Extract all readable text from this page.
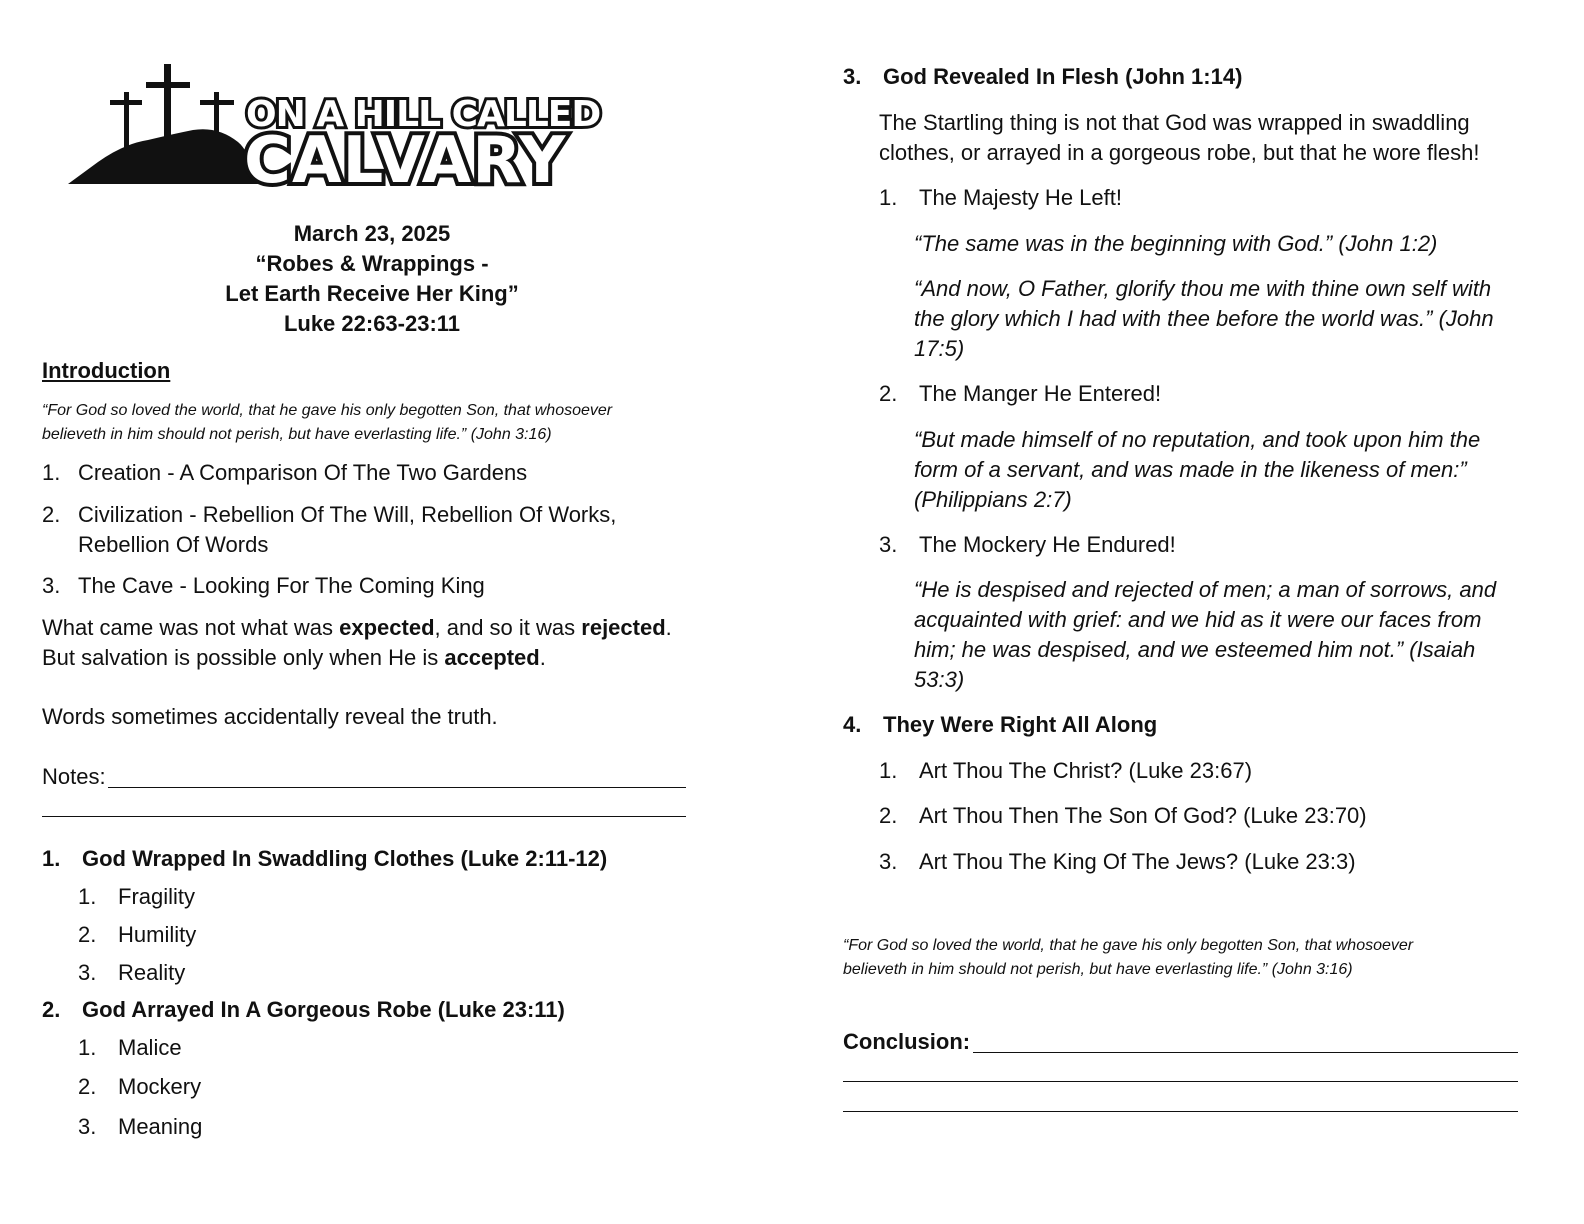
ON A HILL CALLED
CALVARY
March 23, 2025
“Robes & Wrappings -
Let Earth Receive Her King”
Luke 22:63-23:11
Introduction
“For God so loved the world, that he gave his only begotten Son, that whosoever
believeth in him should not perish, but have everlasting life.” (John 3:16)
1. Creation - A Comparison Of The Two Gardens
2. Civilization - Rebellion Of The Will, Rebellion Of Works,
Rebellion Of Words
3. The Cave - Looking For The Coming King
What came was not what was expected, and so it was rejected.
But salvation is possible only when He is accepted.
Words sometimes accidentally reveal the truth.
Notes:
1. God Wrapped In Swaddling Clothes (Luke 2:11-12)
1. Fragility
2. Humility
3. Reality
2. God Arrayed In A Gorgeous Robe (Luke 23:11)
1. Malice
2. Mockery
3. Meaning
3. God Revealed In Flesh (John 1:14)
The Startling thing is not that God was wrapped in swaddling
clothes, or arrayed in a gorgeous robe, but that he wore flesh!
1. The Majesty He Left!
“The same was in the beginning with God.” (John 1:2)
“And now, O Father, glorify thou me with thine own self with
the glory which I had with thee before the world was.” (John
17:5)
2. The Manger He Entered!
“But made himself of no reputation, and took upon him the
form of a servant, and was made in the likeness of men:”
(Philippians 2:7)
3. The Mockery He Endured!
“He is despised and rejected of men; a man of sorrows, and
acquainted with grief: and we hid as it were our faces from
him; he was despised, and we esteemed him not.” (Isaiah
53:3)
4. They Were Right All Along
1. Art Thou The Christ? (Luke 23:67)
2. Art Thou Then The Son Of God? (Luke 23:70)
3. Art Thou The King Of The Jews? (Luke 23:3)
“For God so loved the world, that he gave his only begotten Son, that whosoever
believeth in him should not perish, but have everlasting life.” (John 3:16)
Conclusion:
